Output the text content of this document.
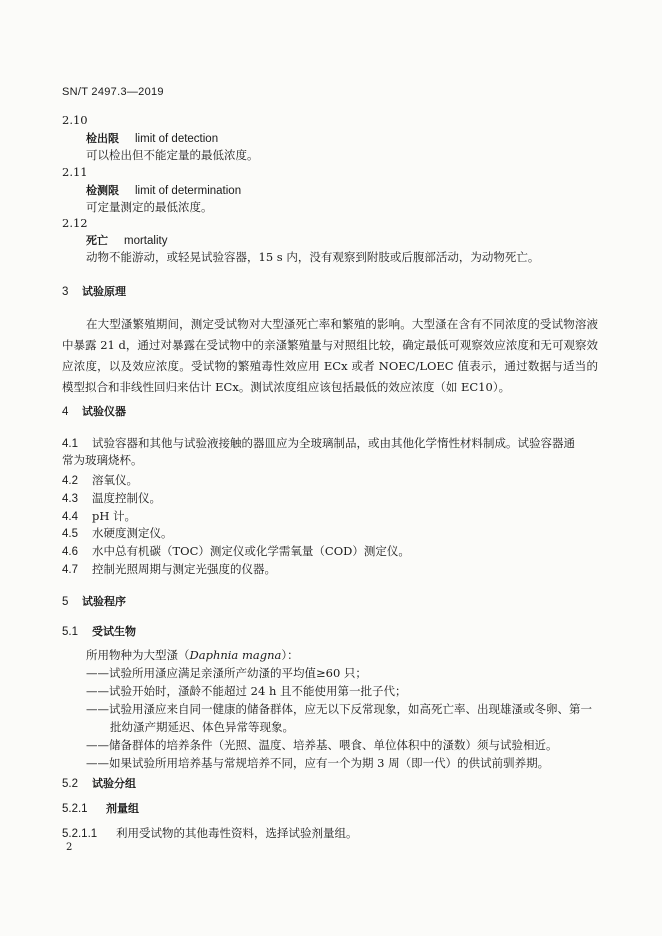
SN/T 2497.3—2019
2.10
检出限 limit of detection
可以检出但不能定量的最低浓度。
2.11
检测限 limit of determination
可定量测定的最低浓度。
2.12
死亡 mortality
动物不能游动，或轻晃试验容器，15 s 内，没有观察到附肢或后腹部活动，为动物死亡。
3 试验原理
在大型溞繁殖期间，测定受试物对大型溞死亡率和繁殖的影响。大型溞在含有不同浓度的受试物溶液中暴露 21 d，通过对暴露在受试物中的亲溞繁殖量与对照组比较，确定最低可观察效应浓度和无可观察效应浓度，以及效应浓度。受试物的繁殖毒性效应用 ECx 或者 NOEC/LOEC 值表示，通过数据与适当的模型拟合和非线性回归来估计 ECx。测试浓度组应该包括最低的效应浓度（如 EC10）。
4 试验仪器
4.1 试验容器和其他与试验液接触的器皿应为全玻璃制品，或由其他化学惰性材料制成。试验容器通
常为玻璃烧杯。
4.2 溶氧仪。
4.3 温度控制仪。
4.4 pH 计。
4.5 水硬度测定仪。
4.6 水中总有机碳（TOC）测定仪或化学需氧量（COD）测定仪。
4.7 控制光照周期与测定光强度的仪器。
5 试验程序
5.1 受试生物
所用物种为大型溞（Daphnia magna）：
——试验所用溞应满足亲溞所产幼溞的平均值≥60 只；
——试验开始时，溞龄不能超过 24 h 且不能使用第一批子代；
——试验用溞应来自同一健康的储备群体，应无以下反常现象，如高死亡率、出现雄溞或冬卵、第一
批幼溞产期延迟、体色异常等现象。
——储备群体的培养条件（光照、温度、培养基、喂食、单位体积中的溞数）须与试验相近。
——如果试验所用培养基与常规培养不同，应有一个为期 3 周（即一代）的供试前驯养期。
5.2 试验分组
5.2.1 剂量组
5.2.1.1 利用受试物的其他毒性资料，选择试验剂量组。
2
